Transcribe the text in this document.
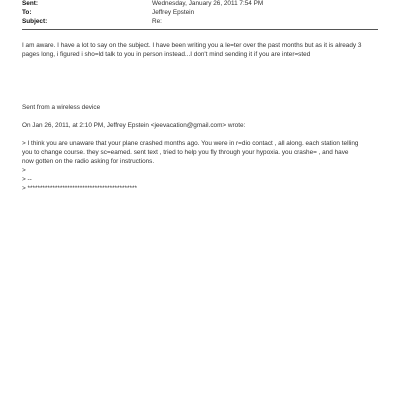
Sent:	Wednesday, January 26, 2011 7:54 PM
To:	Jeffrey Epstein
Subject:	Re:
I am aware. I have a lot to say on the subject. I have been writing you a le=ter over the past months but as it is already 3
pages long, i figured i sho=ld talk to you in person instead...I don't mind sending it if you are inter=sted
Sent from a wireless device
On Jan 26, 2011, at 2:10 PM, Jeffrey Epstein <jeevacation@gmail.com> wrote:
> I think you are unaware that your plane crashed months ago. You were in r=dio contact , all along. each station telling
you to change course. they sc=eamed. sent text , tried to help you fly through your hypoxia. you crashe= , and have
now gotten on the radio asking for instructions.
>
> --
> ********************************************
